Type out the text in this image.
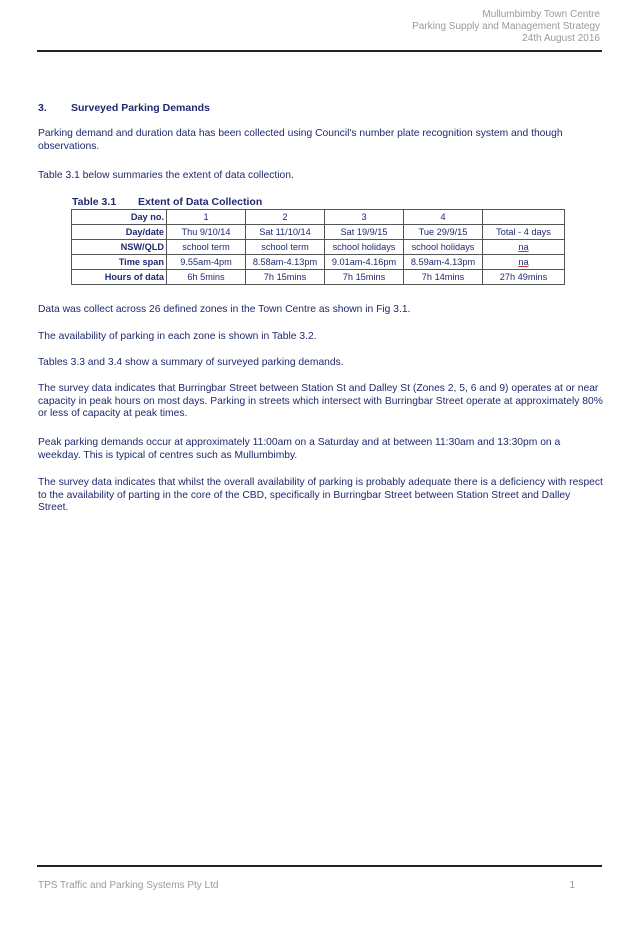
Mullumbimby Town Centre
Parking Supply and Management Strategy
24th August 2016
3. Surveyed Parking Demands
Parking demand and duration data has been collected using Council's number plate recognition system and though observations.
Table 3.1 below summaries the extent of data collection.
Table 3.1 Extent of Data Collection
Day no.	1	2	3	4	
Day/date	Thu 9/10/14	Sat 11/10/14	Sat 19/9/15	Tue 29/9/15	Total - 4 days
NSW/QLD	school term	school term	school holidays	school holidays	na
Time span	9.55am-4pm	8.58am-4.13pm	9.01am-4.16pm	8.59am-4.13pm	na
Hours of data	6h 5mins	7h 15mins	7h 15mins	7h 14mins	27h 49mins
Data was collect across 26 defined zones in the Town Centre as shown in Fig 3.1.
The availability of parking in each zone is shown in Table 3.2.
Tables 3.3 and 3.4 show a summary of surveyed parking demands.
The survey data indicates that Burringbar Street between Station St and Dalley St (Zones 2, 5, 6 and 9) operates at or near capacity in peak hours on most days. Parking in streets which intersect with Burringbar Street operate at approximately 80% or less of capacity at peak times.
Peak parking demands occur at approximately 11:00am on a Saturday and at between 11:30am and 13:30pm on a weekday. This is typical of centres such as Mullumbimby.
The survey data indicates that whilst the overall availability of parking is probably adequate there is a deficiency with respect to the availability of parting in the core of the CBD, specifically in Burringbar Street between Station Street and Dalley Street.
TPS Traffic and Parking Systems Pty Ltd	1
